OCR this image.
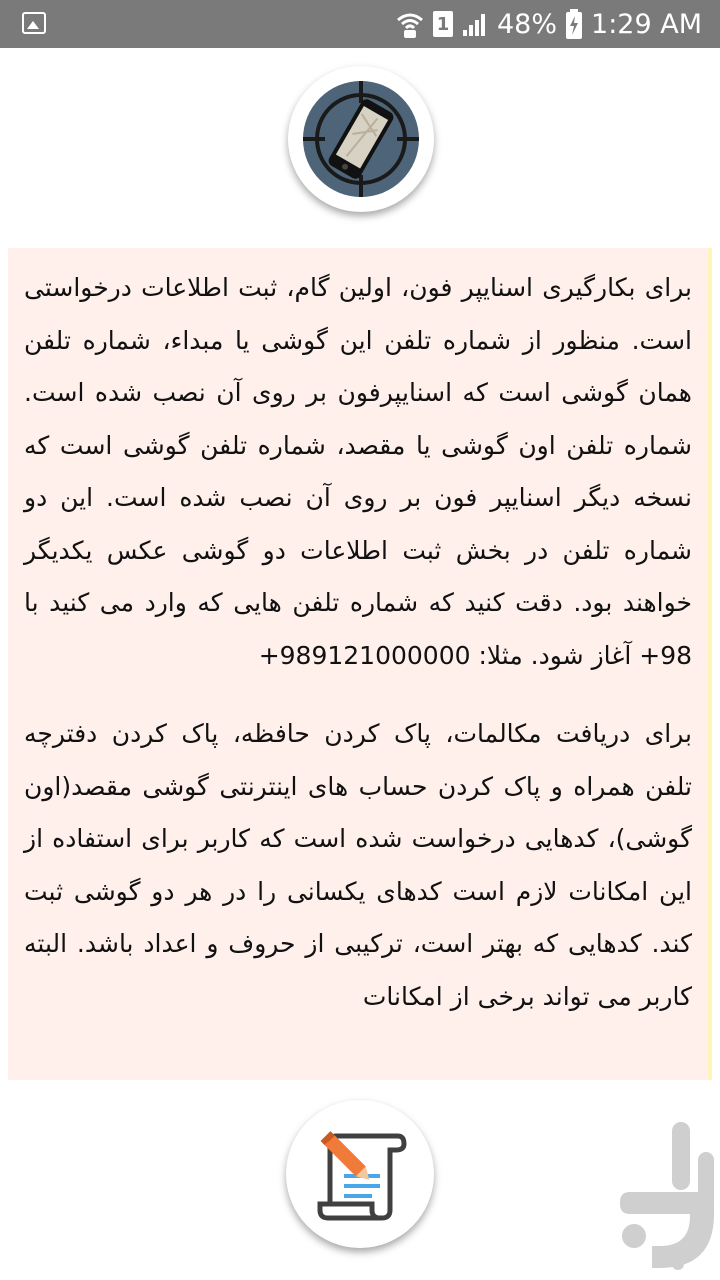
1 48% 1:29 AM

برای بکارگیری اسنایپر فون، اولین گام، ثبت اطلاعات درخواستی است. منظور از شماره تلفن این گوشی یا مبداء، شماره تلفن همان گوشی است که اسنایپرفون بر روی آن نصب شده است. شماره تلفن اون گوشی یا مقصد، شماره تلفن گوشی است که نسخه دیگر اسنایپر فون بر روی آن نصب شده است. این دو شماره تلفن در بخش ثبت اطلاعات دو گوشی عکس یکدیگر خواهند بود. دقت کنید که شماره تلفن هایی که وارد می کنید با 98+ آغاز شود. مثلا: ‎+989121000000

برای دریافت مکالمات، پاک کردن حافظه، پاک کردن دفترچه تلفن همراه و پاک کردن حساب های اینترنتی گوشی مقصد(اون گوشی)، کدهایی درخواست شده است که کاربر برای استفاده از این امکانات لازم است کدهای یکسانی را در هر دو گوشی ثبت کند. کدهایی که بهتر است، ترکیبی از حروف و اعداد باشد. البته کاربر می تواند برخی از امکانات
